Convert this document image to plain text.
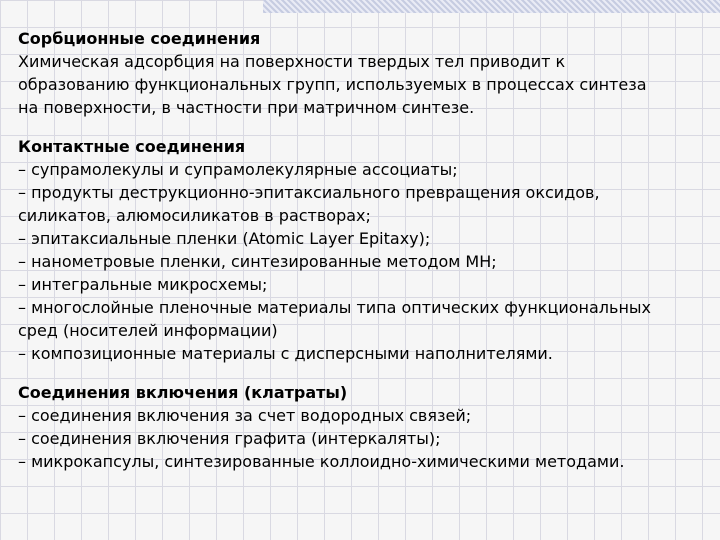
Сорбционные соединения
Химическая адсорбция на поверхности твердых тел приводит к
образованию функциональных групп, используемых в процессах синтеза
на поверхности, в частности при матричном синтезе.
Контактные соединения
– супрамолекулы и супрамолекулярные ассоциаты;
– продукты деструкционно-эпитаксиального превращения оксидов,
силикатов, алюмосиликатов в растворах;
– эпитаксиальные пленки (Atomic Layer Epitaxy);
– нанометровые пленки, синтезированные методом МН;
– интегральные микросхемы;
– многослойные пленочные материалы типа оптических функциональных
сред (носителей информации)
– композиционные материалы с дисперсными наполнителями.
Соединения включения (клатраты)
– соединения включения за счет водородных связей;
– соединения включения графита (интеркаляты);
– микрокапсулы, синтезированные коллоидно-химическими методами.
